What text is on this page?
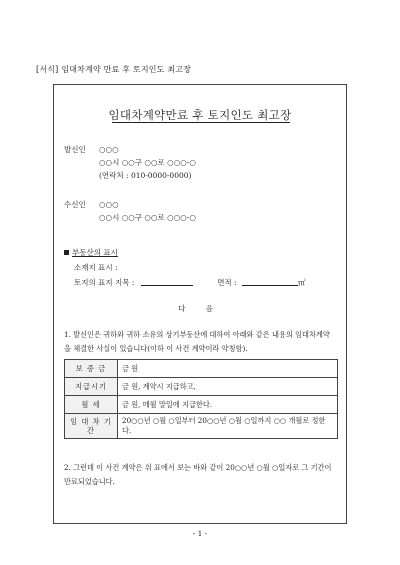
[서식] 임대차계약 만료 후 토지인도 최고장
임대차계약만료 후 토지인도 최고장
발신인 ○○○
○○시 ○○구 ○○로 ○○○-○
(연락처 : 010-0000-0000)
수신인 ○○○
○○시 ○○구 ○○로 ○○○-○
부동산의 표시
소재지 표시 :
토지의 표지 지목 :	면적 :	㎡
다 음
1. 발신인은 귀하와 귀하 소유의 상기부동산에 대하여 아래와 같은 내용의 임대차계약을 체결한 사실이 있습니다(이하 이 사건 계약이라 약칭함).
보 증 금	금 원
지급시기	금 원, 계약시 지급하고,
월 세	금 원, 매월 말일에 지급한다.
임 대 차 기 간	20○○년 ○월 ○일부터 20○○년 ○월 ○일까지 ○○ 개월로 정한다.
2. 그런데 이 사건 계약은 위 표에서 보는 바와 같이 20○○년 ○월 ○일자로 그 기간이 만료되었습니다.
- 1 -
